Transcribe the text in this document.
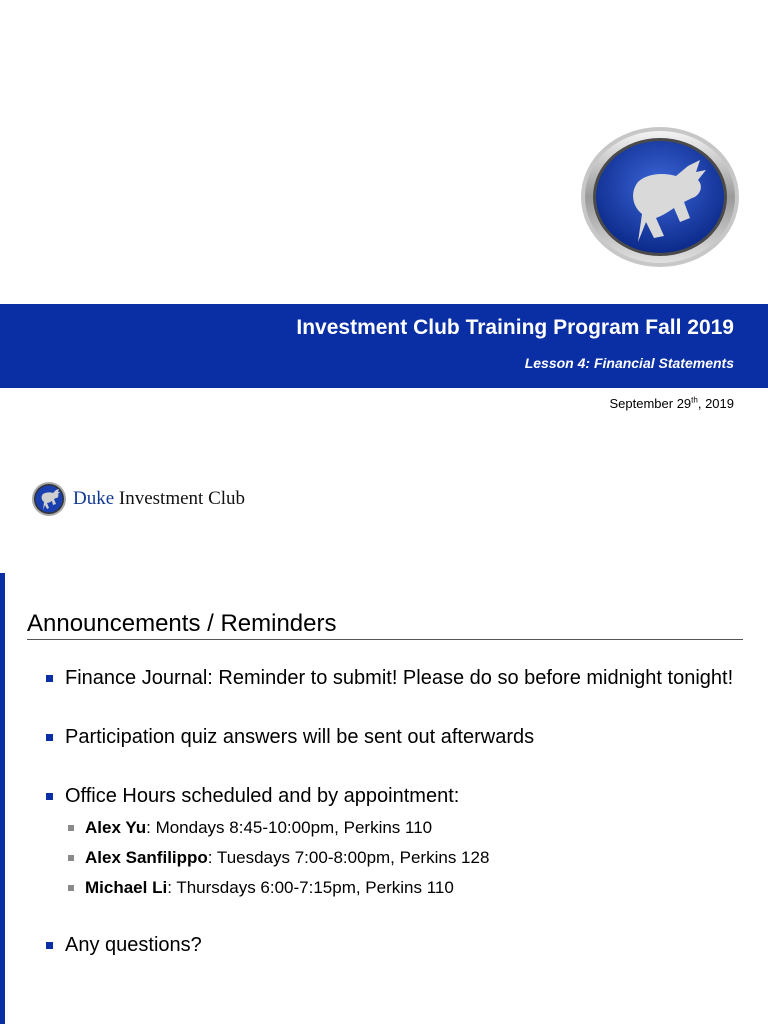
Investment Club Training Program Fall 2019
Lesson 4: Financial Statements
September 29th, 2019
Duke Investment Club
Announcements / Reminders
Finance Journal: Reminder to submit! Please do so before midnight tonight!
Participation quiz answers will be sent out afterwards
Office Hours scheduled and by appointment:
Alex Yu: Mondays 8:45-10:00pm, Perkins 110
Alex Sanfilippo: Tuesdays 7:00-8:00pm, Perkins 128
Michael Li: Thursdays 6:00-7:15pm, Perkins 110
Any questions?
